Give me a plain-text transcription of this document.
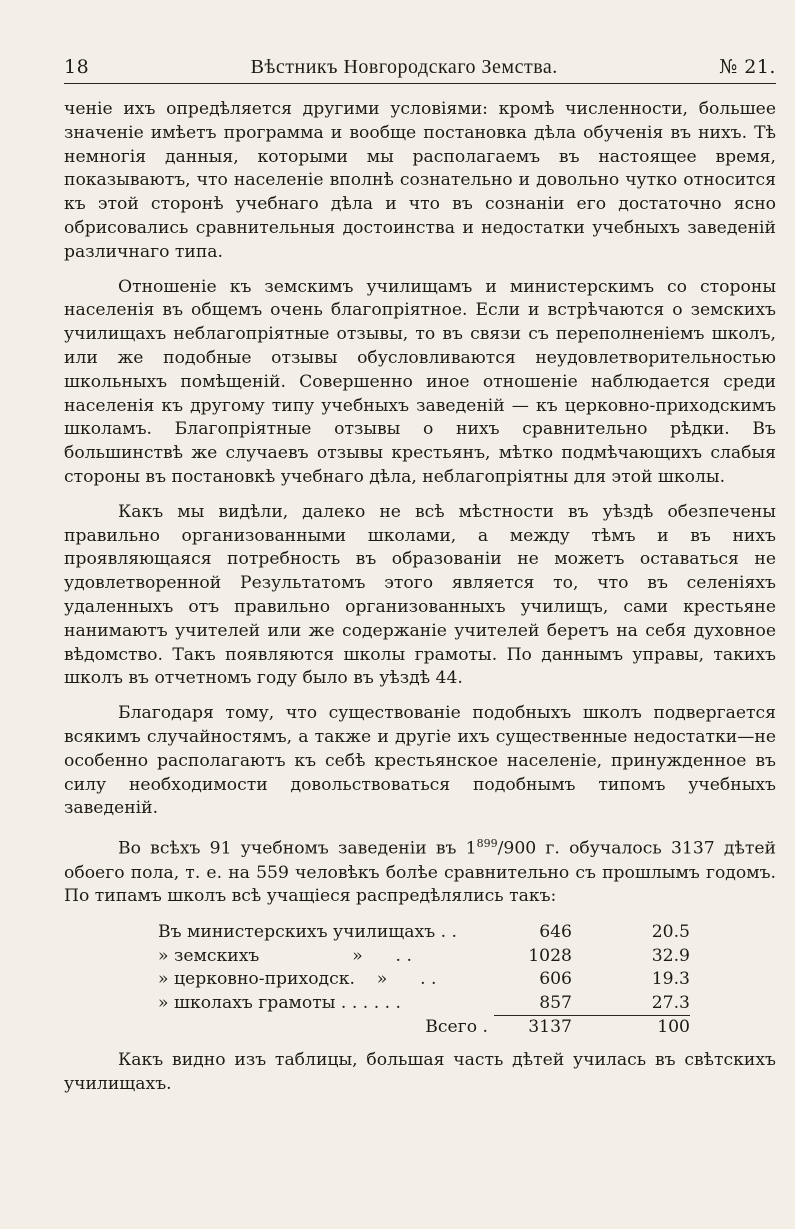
18	Вѣстникъ Новгородскаго Земства.	№ 21.

ченіе ихъ опредѣляется другими условіями: кромѣ численности, большее значеніе имѣетъ программа и вообще постановка дѣла обученія въ нихъ. Тѣ немногія данныя, которыми мы располагаемъ въ настоящее время, показываютъ, что населеніе вполнѣ сознательно и довольно чутко относится къ этой сторонѣ учебнаго дѣла и что въ сознаніи его достаточно ясно обрисовались сравнительныя достоинства и недостатки учебныхъ заведеній различнаго типа.

Отношеніе къ земскимъ училищамъ и министерскимъ со стороны населенія въ общемъ очень благопріятное. Если и встрѣчаются о земскихъ училищахъ неблагопріятные отзывы, то въ связи съ переполненіемъ школъ, или же подобные отзывы обусловливаются неудовлетворительностью школьныхъ помѣщеній. Совершенно иное отношеніе наблюдается среди населенія къ другому типу учебныхъ заведеній — къ церковно-приходскимъ школамъ. Благопріятные отзывы о нихъ сравнительно рѣдки. Въ большинствѣ же случаевъ отзывы крестьянъ, мѣтко подмѣчающихъ слабыя стороны въ постановкѣ учебнаго дѣла, неблагопріятны для этой школы.

Какъ мы видѣли, далеко не всѣ мѣстности въ уѣздѣ обезпечены правильно организованными школами, а между тѣмъ и въ нихъ проявляющаяся потребность въ образованіи не можетъ оставаться не удовлетворенной Результатомъ этого является то, что въ селеніяхъ удаленныхъ отъ правильно организованныхъ училищъ, сами крестьяне нанимаютъ учителей или же содержаніе учителей беретъ на себя духовное вѣдомство. Такъ появляются школы грамоты. По даннымъ управы, такихъ школъ въ отчетномъ году было въ уѣздѣ 44.

Благодаря тому, что существованіе подобныхъ школъ подвергается всякимъ случайностямъ, а также и другіе ихъ существенные недостатки—не особенно располагаютъ къ себѣ крестьянское населеніе, принужденное въ силу необходимости довольствоваться подобнымъ типомъ учебныхъ заведеній.

Во всѣхъ 91 учебномъ заведеніи въ $1^{899}/900$ г. обучалось 3137 дѣтей обоего пола, т. е. на 559 человѣкъ болѣе сравнительно съ прошлымъ годомъ. По типамъ школъ всѣ учащіеся распредѣлялись такъ:

Въ министерскихъ училищахъ . .	646	20.5
» земскихъ                 »      . .	1028	32.9
» церковно-приходск.    »      . .	606	19.3
» школахъ грамоты . . . . . .	857	27.3
Всего .	3137	100

Какъ видно изъ таблицы, большая часть дѣтей училась въ свѣтскихъ училищахъ.
